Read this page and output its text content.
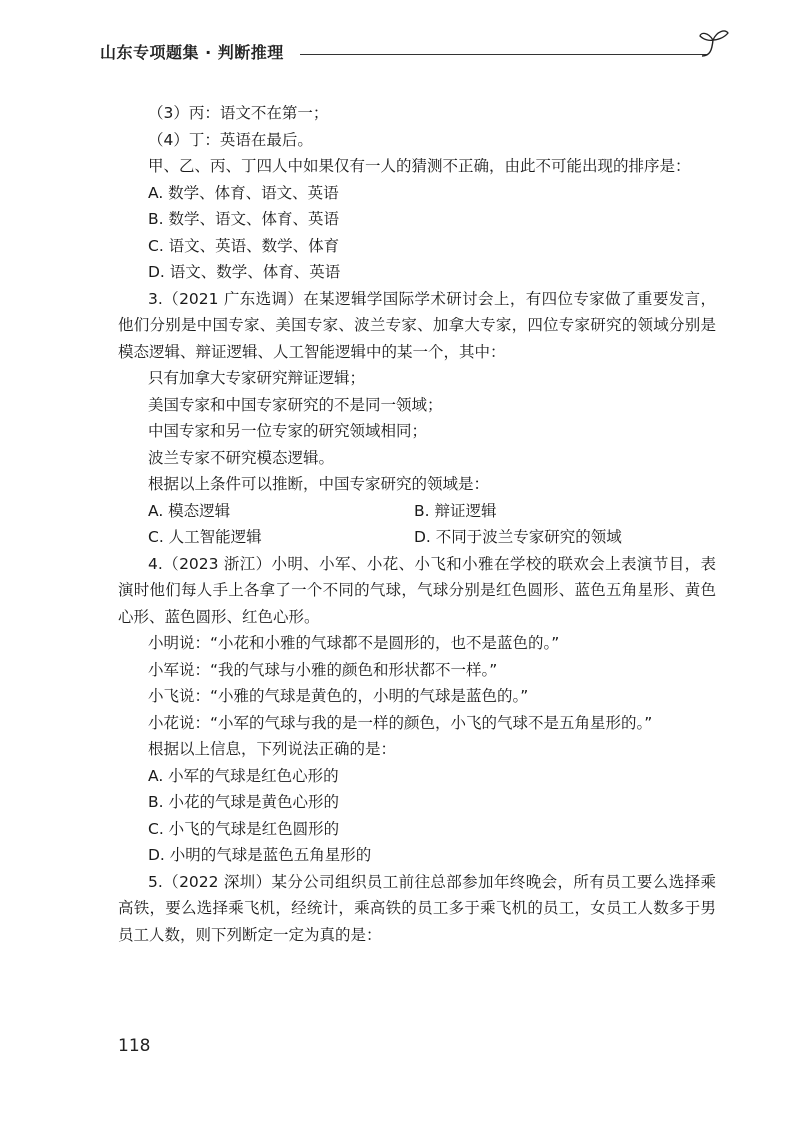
山东专项题集 · 判断推理

（3）丙：语文不在第一；

（4）丁：英语在最后。

甲、乙、丙、丁四人中如果仅有一人的猜测不正确，由此不可能出现的排序是：

A. 数学、体育、语文、英语

B. 数学、语文、体育、英语

C. 语文、英语、数学、体育

D. 语文、数学、体育、英语

3.（2021 广东选调）在某逻辑学国际学术研讨会上，有四位专家做了重要发言，他们分别是中国专家、美国专家、波兰专家、加拿大专家，四位专家研究的领域分别是模态逻辑、辩证逻辑、人工智能逻辑中的某一个，其中：

只有加拿大专家研究辩证逻辑；

美国专家和中国专家研究的不是同一领域；

中国专家和另一位专家的研究领域相同；

波兰专家不研究模态逻辑。

根据以上条件可以推断，中国专家研究的领域是：

A. 模态逻辑	B. 辩证逻辑
C. 人工智能逻辑	D. 不同于波兰专家研究的领域

4.（2023 浙江）小明、小军、小花、小飞和小雅在学校的联欢会上表演节目，表演时他们每人手上各拿了一个不同的气球，气球分别是红色圆形、蓝色五角星形、黄色心形、蓝色圆形、红色心形。

小明说：“小花和小雅的气球都不是圆形的，也不是蓝色的。”

小军说：“我的气球与小雅的颜色和形状都不一样。”

小飞说：“小雅的气球是黄色的，小明的气球是蓝色的。”

小花说：“小军的气球与我的是一样的颜色，小飞的气球不是五角星形的。”

根据以上信息，下列说法正确的是：

A. 小军的气球是红色心形的

B. 小花的气球是黄色心形的

C. 小飞的气球是红色圆形的

D. 小明的气球是蓝色五角星形的

5.（2022 深圳）某分公司组织员工前往总部参加年终晚会，所有员工要么选择乘高铁，要么选择乘飞机，经统计，乘高铁的员工多于乘飞机的员工，女员工人数多于男员工人数，则下列断定一定为真的是：

118
